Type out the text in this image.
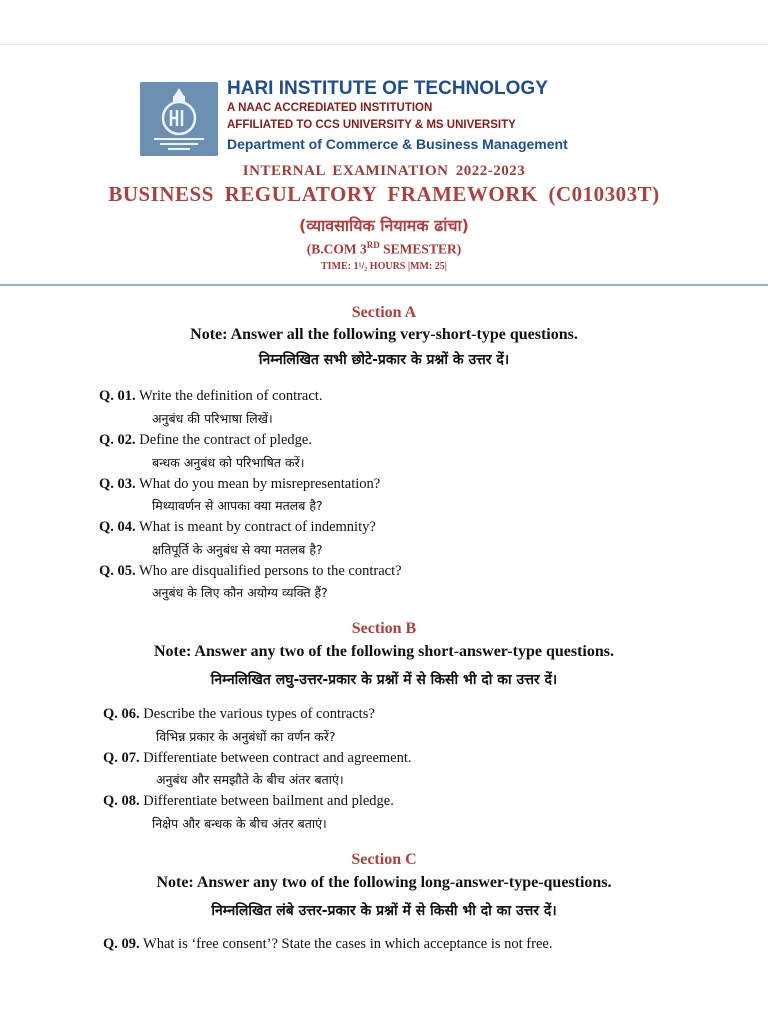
HARI INSTITUTE OF TECHNOLOGY
A NAAC ACCREDIATED INSTITUTION
AFFILIATED TO CCS UNIVERSITY & MS UNIVERSITY
Department of Commerce & Business Management
INTERNAL EXAMINATION 2022-2023
BUSINESS REGULATORY FRAMEWORK (C010303T)
(व्यावसायिक नियामक ढांचा)
(B.COM 3RD SEMESTER)
TIME: 1¹/₂ HOURS |MM: 25|
Section A
Note: Answer all the following very-short-type questions.
निम्नलिखित सभी छोटे-प्रकार के प्रश्नों के उत्तर दें।
Q. 01. Write the definition of contract.
अनुबंध की परिभाषा लिखें।
Q. 02. Define the contract of pledge.
बन्धक अनुबंध को परिभाषित करें।
Q. 03. What do you mean by misrepresentation?
मिथ्यावर्णन से आपका क्या मतलब है?
Q. 04. What is meant by contract of indemnity?
क्षतिपूर्ति के अनुबंध से क्या मतलब है?
Q. 05. Who are disqualified persons to the contract?
अनुबंध के लिए कौन अयोग्य व्यक्ति हैं?
Section B
Note: Answer any two of the following short-answer-type questions.
निम्नलिखित लघु-उत्तर-प्रकार के प्रश्नों में से किसी भी दो का उत्तर दें।
Q. 06. Describe the various types of contracts?
विभिन्न प्रकार के अनुबंधों का वर्णन करें?
Q. 07. Differentiate between contract and agreement.
अनुबंध और समझौते के बीच अंतर बताएं।
Q. 08. Differentiate between bailment and pledge.
निक्षेप और बन्धक के बीच अंतर बताएं।
Section C
Note: Answer any two of the following long-answer-type-questions.
निम्नलिखित लंबे उत्तर-प्रकार के प्रश्नों में से किसी भी दो का उत्तर दें।
Q. 09. What is ‘free consent’? State the cases in which acceptance is not free.
